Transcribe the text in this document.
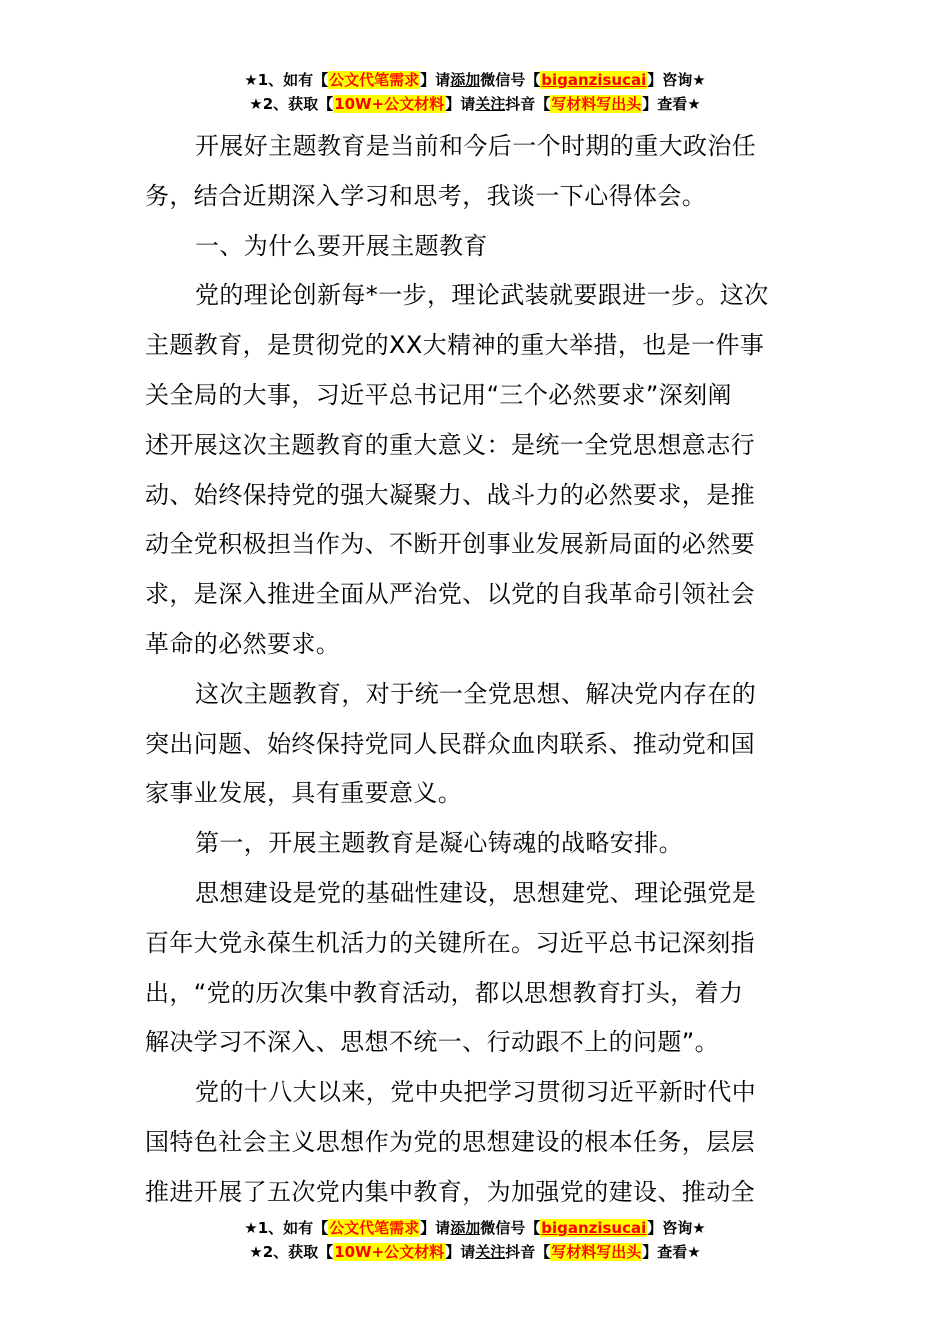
★1、如有【公文代笔需求】请添加微信号【biganzisucai】咨询★
★2、获取【10W+公文材料】请关注抖音【写材料写出头】查看★
开展好主题教育是当前和今后一个时期的重大政治任
务，结合近期深入学习和思考，我谈一下心得体会。
一、为什么要开展主题教育
党的理论创新每*一步，理论武装就要跟进一步。这次
主题教育，是贯彻党的XX大精神的重大举措，也是一件事
关全局的大事，习近平总书记用“三个必然要求”深刻阐
述开展这次主题教育的重大意义：是统一全党思想意志行
动、始终保持党的强大凝聚力、战斗力的必然要求，是推
动全党积极担当作为、不断开创事业发展新局面的必然要
求，是深入推进全面从严治党、以党的自我革命引领社会
革命的必然要求。
这次主题教育，对于统一全党思想、解决党内存在的
突出问题、始终保持党同人民群众血肉联系、推动党和国
家事业发展，具有重要意义。
第一，开展主题教育是凝心铸魂的战略安排。
思想建设是党的基础性建设，思想建党、理论强党是
百年大党永葆生机活力的关键所在。习近平总书记深刻指
出，“党的历次集中教育活动，都以思想教育打头，着力
解决学习不深入、思想不统一、行动跟不上的问题”。
党的十八大以来，党中央把学习贯彻习近平新时代中
国特色社会主义思想作为党的思想建设的根本任务，层层
推进开展了五次党内集中教育，为加强党的建设、推动全
★1、如有【公文代笔需求】请添加微信号【biganzisucai】咨询★
★2、获取【10W+公文材料】请关注抖音【写材料写出头】查看★
